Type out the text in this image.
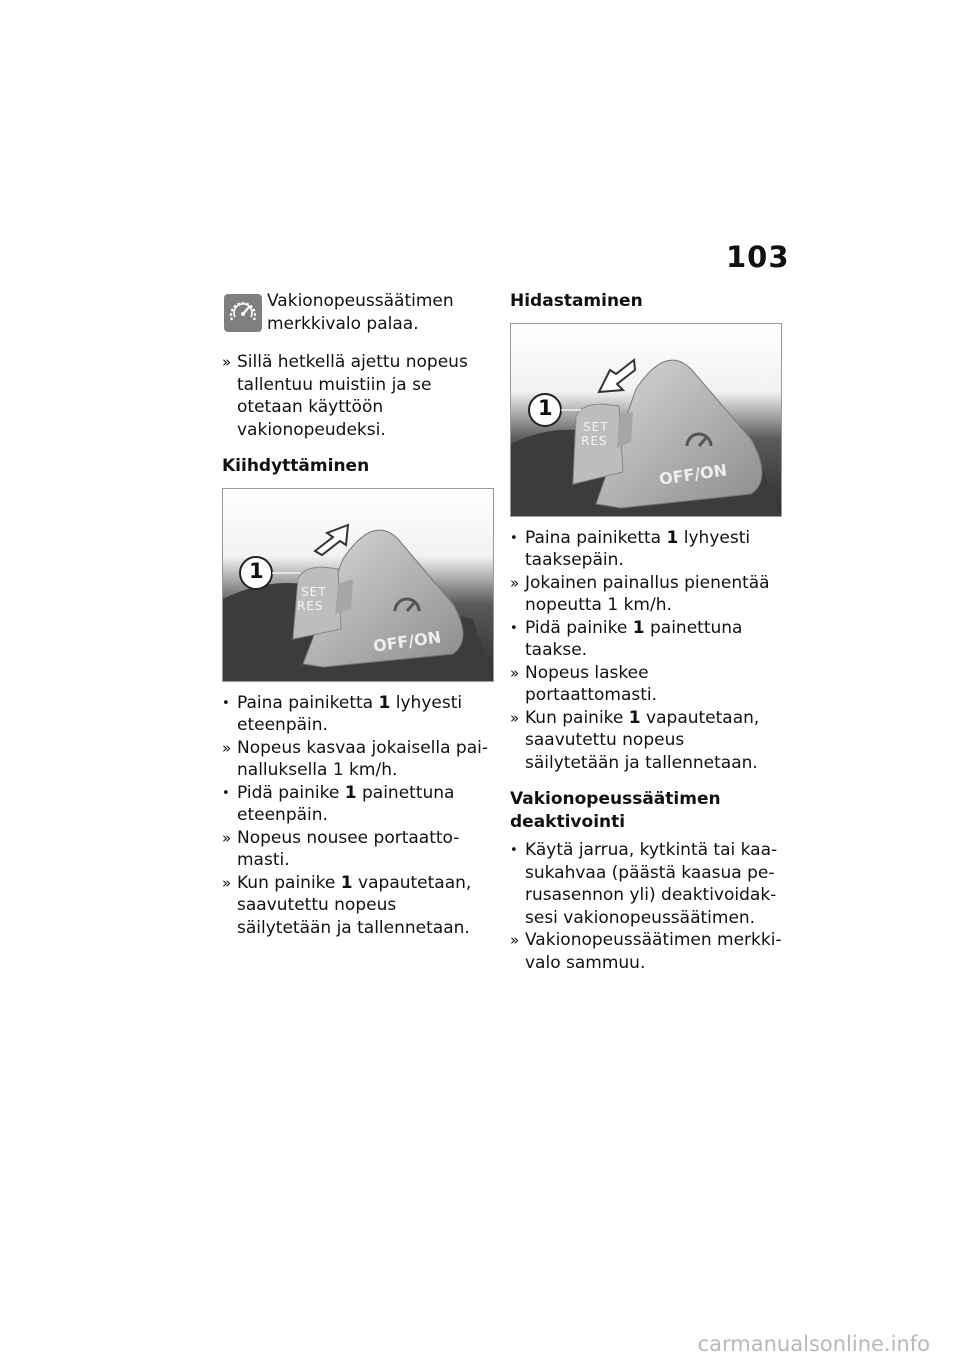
103
Vakionopeussäätimen merkkivalo palaa.
» Sillä hetkellä ajettu nopeus tallentuu muistiin ja se otetaan käyttöön vakionopeudeksi.
Kiihdyttäminen
1
SET
RES
OFF/ON
• Paina painiketta 1 lyhyesti eteenpäin.
» Nopeus kasvaa jokaisella pai- nalluksella 1 km/h.
• Pidä painike 1 painettuna eteenpäin.
» Nopeus nousee portaatto- masti.
» Kun painike 1 vapautetaan, saavutettu nopeus säilytetään ja tallennetaan.
Hidastaminen
1
SET
RES
OFF/ON
• Paina painiketta 1 lyhyesti taaksepäin.
» Jokainen painallus pienentää nopeutta 1 km/h.
• Pidä painike 1 painettuna taakse.
» Nopeus laskee portaattomasti.
» Kun painike 1 vapautetaan, saavutettu nopeus säilytetään ja tallennetaan.
Vakionopeussäätimen deaktivointi
• Käytä jarrua, kytkintä tai kaa- sukahvaa (päästä kaasua pe- rusasennon yli) deaktivoidak- sesi vakionopeussäätimen.
» Vakionopeussäätimen merkki- valo sammuu.
carmanualsonline.info
